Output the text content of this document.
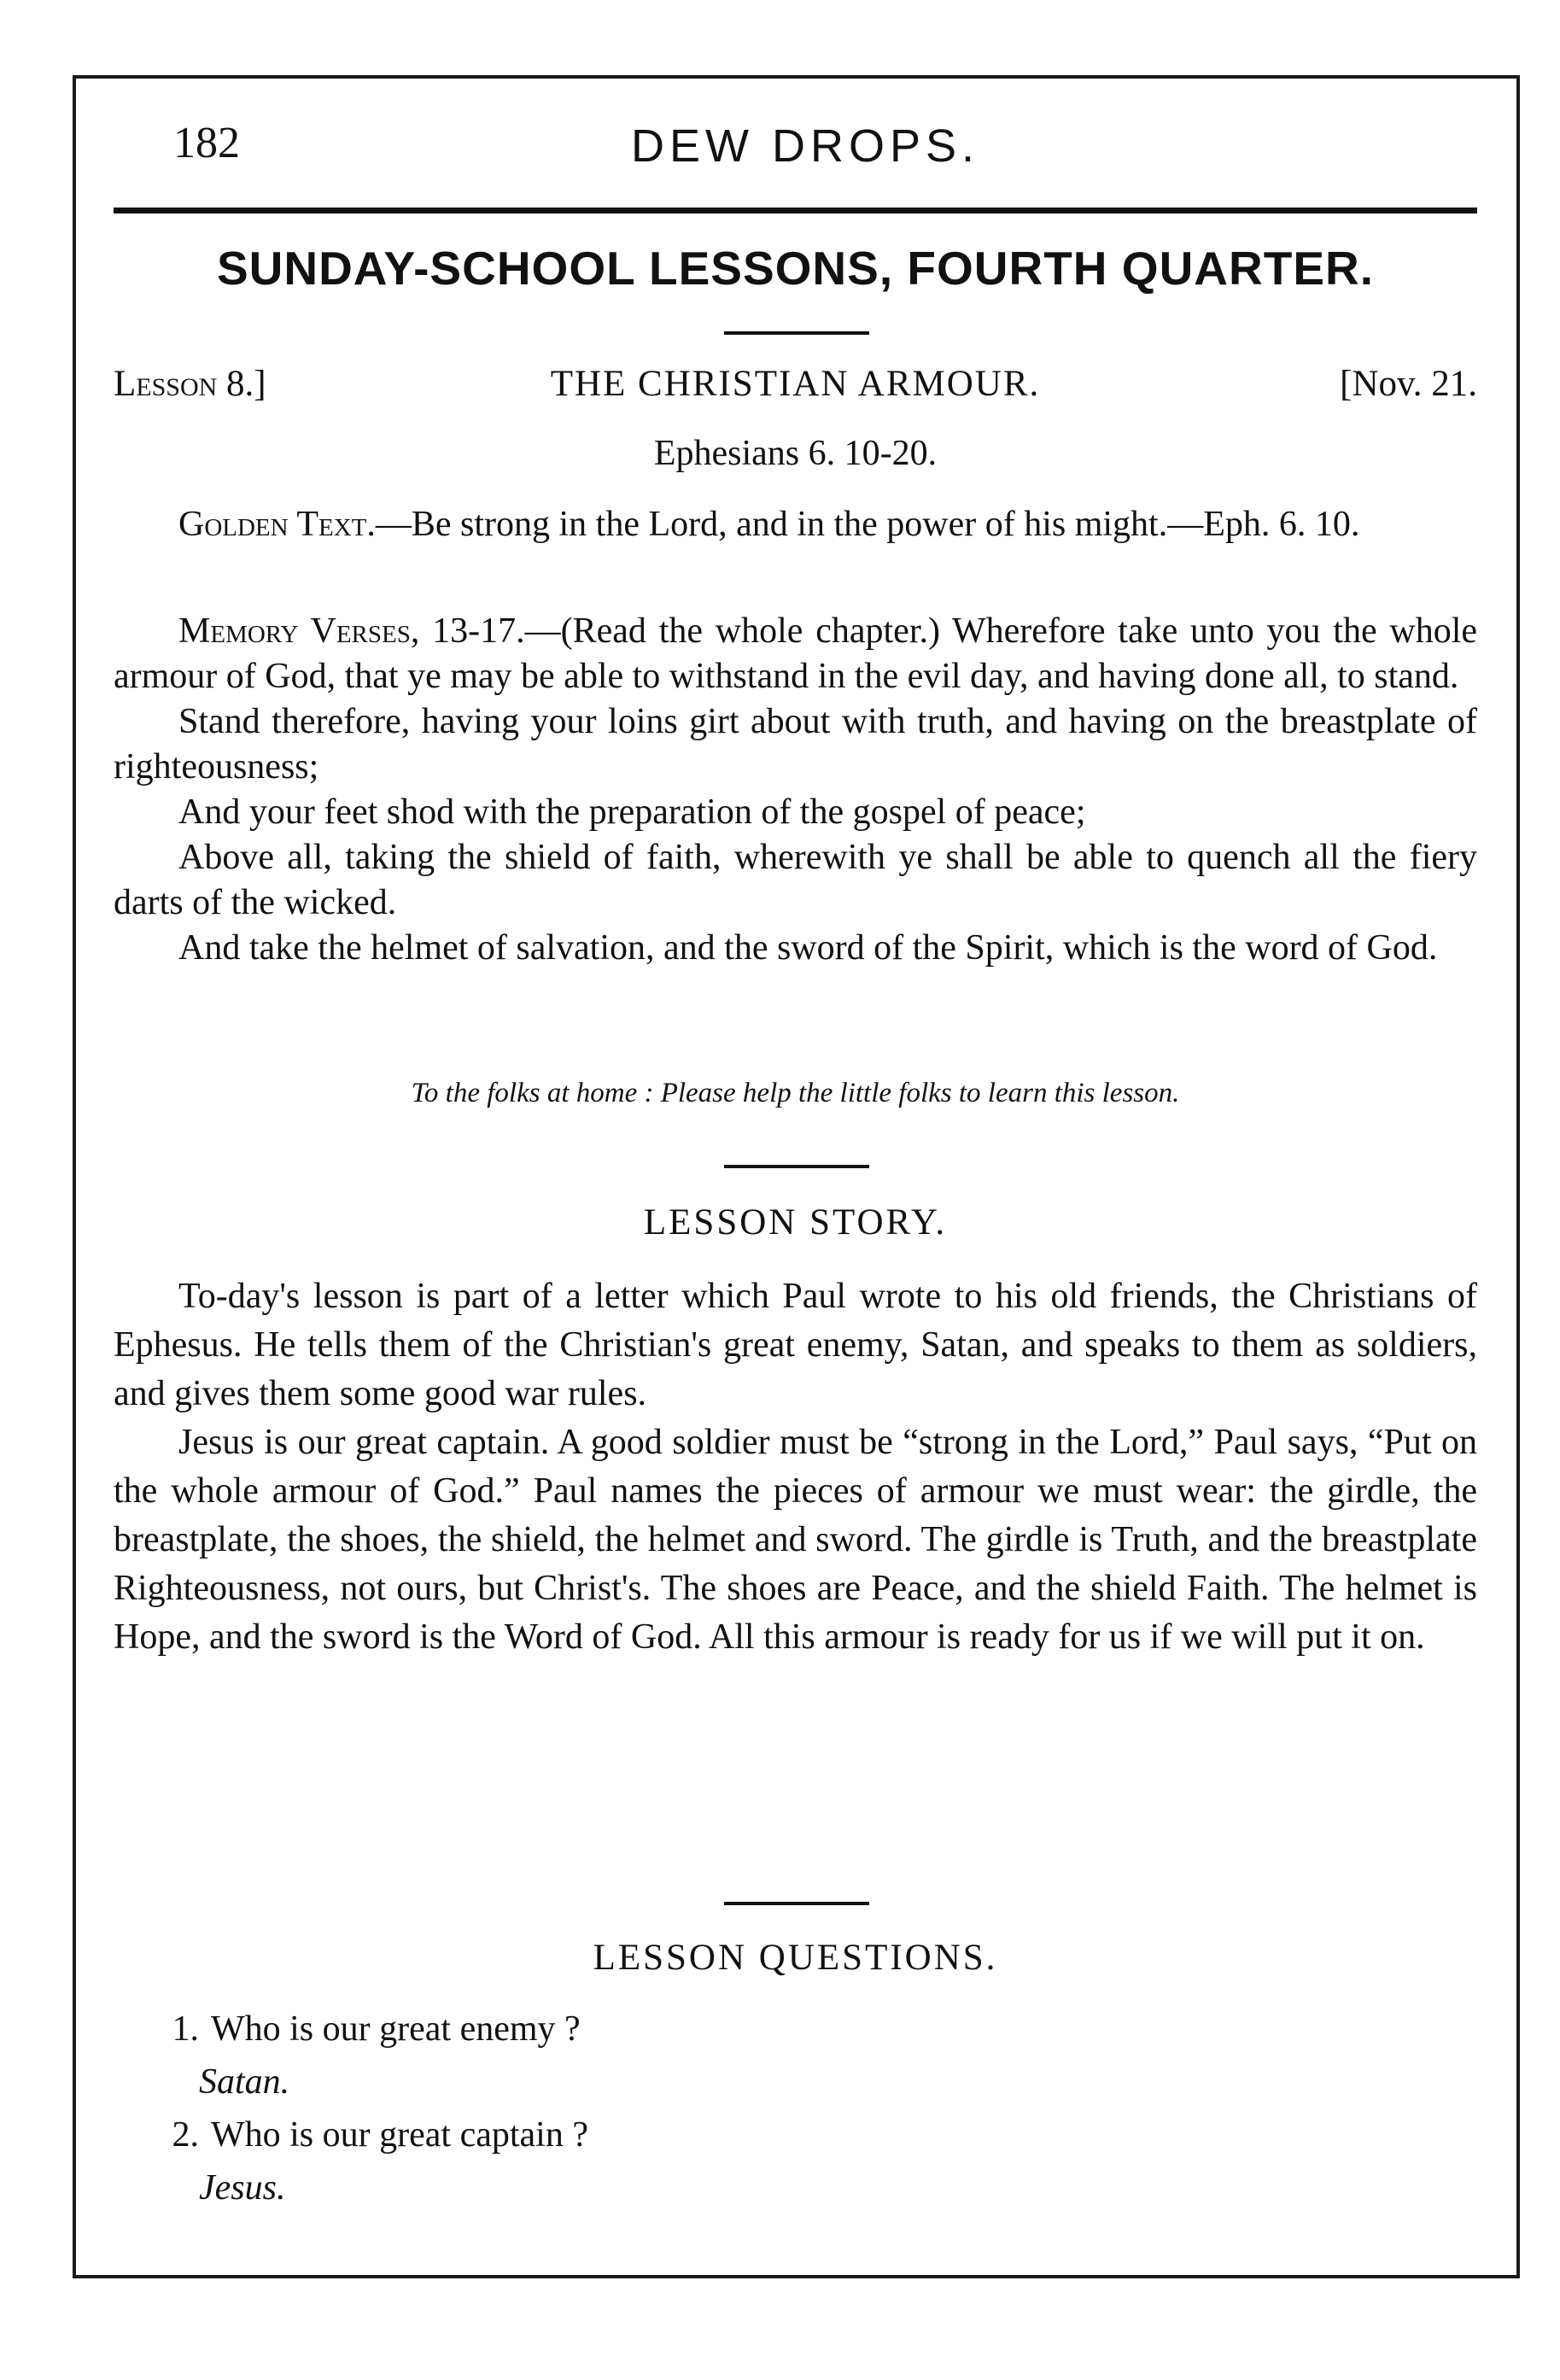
182	DEW DROPS.
SUNDAY-SCHOOL LESSONS, FOURTH QUARTER.
Lesson 8.]	THE CHRISTIAN ARMOUR.	[Nov. 21.
Ephesians 6. 10-20.
Golden Text.—Be strong in the Lord, and in the power of his might.—Eph. 6. 10.
Memory Verses, 13-17.—(Read the whole chapter.) Wherefore take unto you the whole armour of God, that ye may be able to withstand in the evil day, and having done all, to stand.
Stand therefore, having your loins girt about with truth, and having on the breastplate of righteousness;
And your feet shod with the preparation of the gospel of peace;
Above all, taking the shield of faith, wherewith ye shall be able to quench all the fiery darts of the wicked.
And take the helmet of salvation, and the sword of the Spirit, which is the word of God.
To the folks at home : Please help the little folks to learn this lesson.
LESSON STORY.
To-day's lesson is part of a letter which Paul wrote to his old friends, the Christians of Ephesus. He tells them of the Christian's great enemy, Satan, and speaks to them as soldiers, and gives them some good war rules.
Jesus is our great captain. A good soldier must be “strong in the Lord,” Paul says, “Put on the whole armour of God.” Paul names the pieces of armour we must wear: the girdle, the breastplate, the shoes, the shield, the helmet and sword. The girdle is Truth, and the breastplate Righteousness, not ours, but Christ's. The shoes are Peace, and the shield Faith. The helmet is Hope, and the sword is the Word of God. All this armour is ready for us if we will put it on.
LESSON QUESTIONS.
1. Who is our great enemy ?
Satan.
2. Who is our great captain ?
Jesus.
